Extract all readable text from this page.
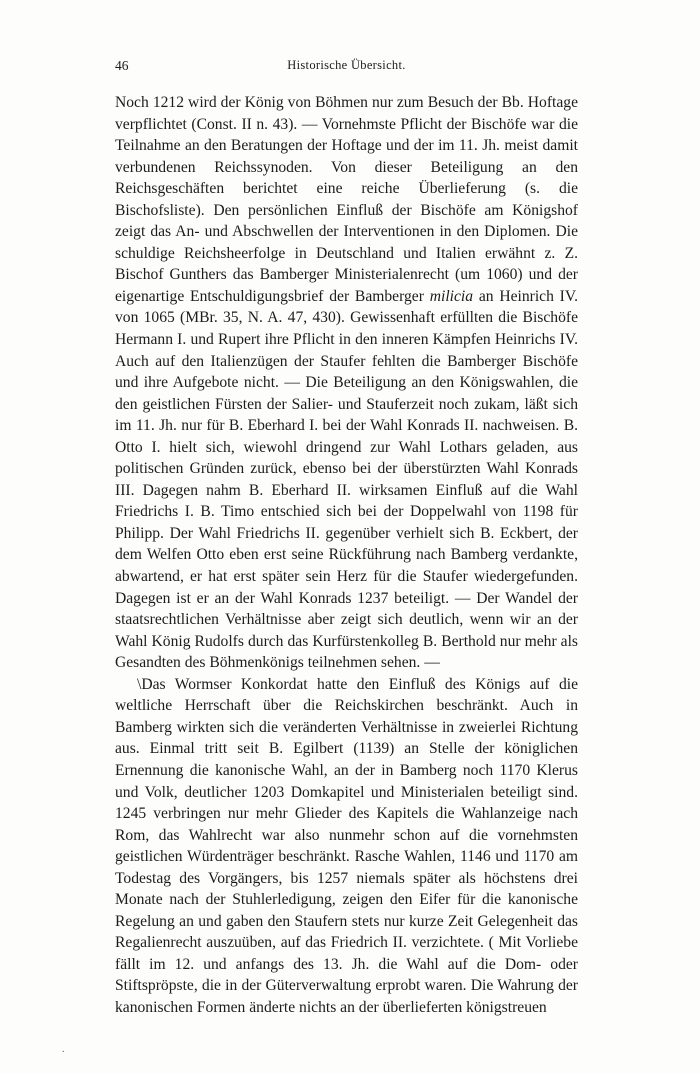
46	Historische Übersicht.

Noch 1212 wird der König von Böhmen nur zum Besuch der Bb. Hoftage verpflichtet (Const. II n. 43). — Vornehmste Pflicht der Bischöfe war die Teilnahme an den Beratungen der Hoftage und der im 11. Jh. meist damit verbundenen Reichssynoden. Von dieser Beteiligung an den Reichsgeschäften berichtet eine reiche Überlieferung (s. die Bischofsliste). Den persönlichen Einfluß der Bischöfe am Königshof zeigt das An- und Abschwellen der Interventionen in den Diplomen. Die schuldige Reichsheerfolge in Deutschland und Italien erwähnt z. Z. Bischof Gunthers das Bamberger Ministerialenrecht (um 1060) und der eigenartige Entschuldigungsbrief der Bamberger milicia an Heinrich IV. von 1065 (MBr. 35, N. A. 47, 430). Gewissenhaft erfüllten die Bischöfe Hermann I. und Rupert ihre Pflicht in den inneren Kämpfen Heinrichs IV. Auch auf den Italienzügen der Staufer fehlten die Bamberger Bischöfe und ihre Aufgebote nicht. — Die Beteiligung an den Königswahlen, die den geistlichen Fürsten der Salier- und Stauferzeit noch zukam, läßt sich im 11. Jh. nur für B. Eberhard I. bei der Wahl Konrads II. nachweisen. B. Otto I. hielt sich, wiewohl dringend zur Wahl Lothars geladen, aus politischen Gründen zurück, ebenso bei der überstürzten Wahl Konrads III. Dagegen nahm B. Eberhard II. wirksamen Einfluß auf die Wahl Friedrichs I. B. Timo entschied sich bei der Doppelwahl von 1198 für Philipp. Der Wahl Friedrichs II. gegenüber verhielt sich B. Eckbert, der dem Welfen Otto eben erst seine Rückführung nach Bamberg verdankte, abwartend, er hat erst später sein Herz für die Staufer wiedergefunden. Dagegen ist er an der Wahl Konrads 1237 beteiligt. — Der Wandel der staatsrechtlichen Verhältnisse aber zeigt sich deutlich, wenn wir an der Wahl König Rudolfs durch das Kurfürstenkolleg B. Berthold nur mehr als Gesandten des Böhmenkönigs teilnehmen sehen. —

\Das Wormser Konkordat hatte den Einfluß des Königs auf die weltliche Herrschaft über die Reichskirchen beschränkt. Auch in Bamberg wirkten sich die veränderten Verhältnisse in zweierlei Richtung aus. Einmal tritt seit B. Egilbert (1139) an Stelle der königlichen Ernennung die kanonische Wahl, an der in Bamberg noch 1170 Klerus und Volk, deutlicher 1203 Domkapitel und Ministerialen beteiligt sind. 1245 verbringen nur mehr Glieder des Kapitels die Wahlanzeige nach Rom, das Wahlrecht war also nunmehr schon auf die vornehmsten geistlichen Würdenträger beschränkt. Rasche Wahlen, 1146 und 1170 am Todestag des Vorgängers, bis 1257 niemals später als höchstens drei Monate nach der Stuhlerledigung, zeigen den Eifer für die kanonische Regelung an und gaben den Staufern stets nur kurze Zeit Gelegenheit das Regalienrecht auszuüben, auf das Friedrich II. verzichtete. ( Mit Vorliebe fällt im 12. und anfangs des 13. Jh. die Wahl auf die Dom- oder Stiftspröpste, die in der Güterverwaltung erprobt waren. Die Wahrung der kanonischen Formen änderte nichts an der überlieferten königstreuen

.
